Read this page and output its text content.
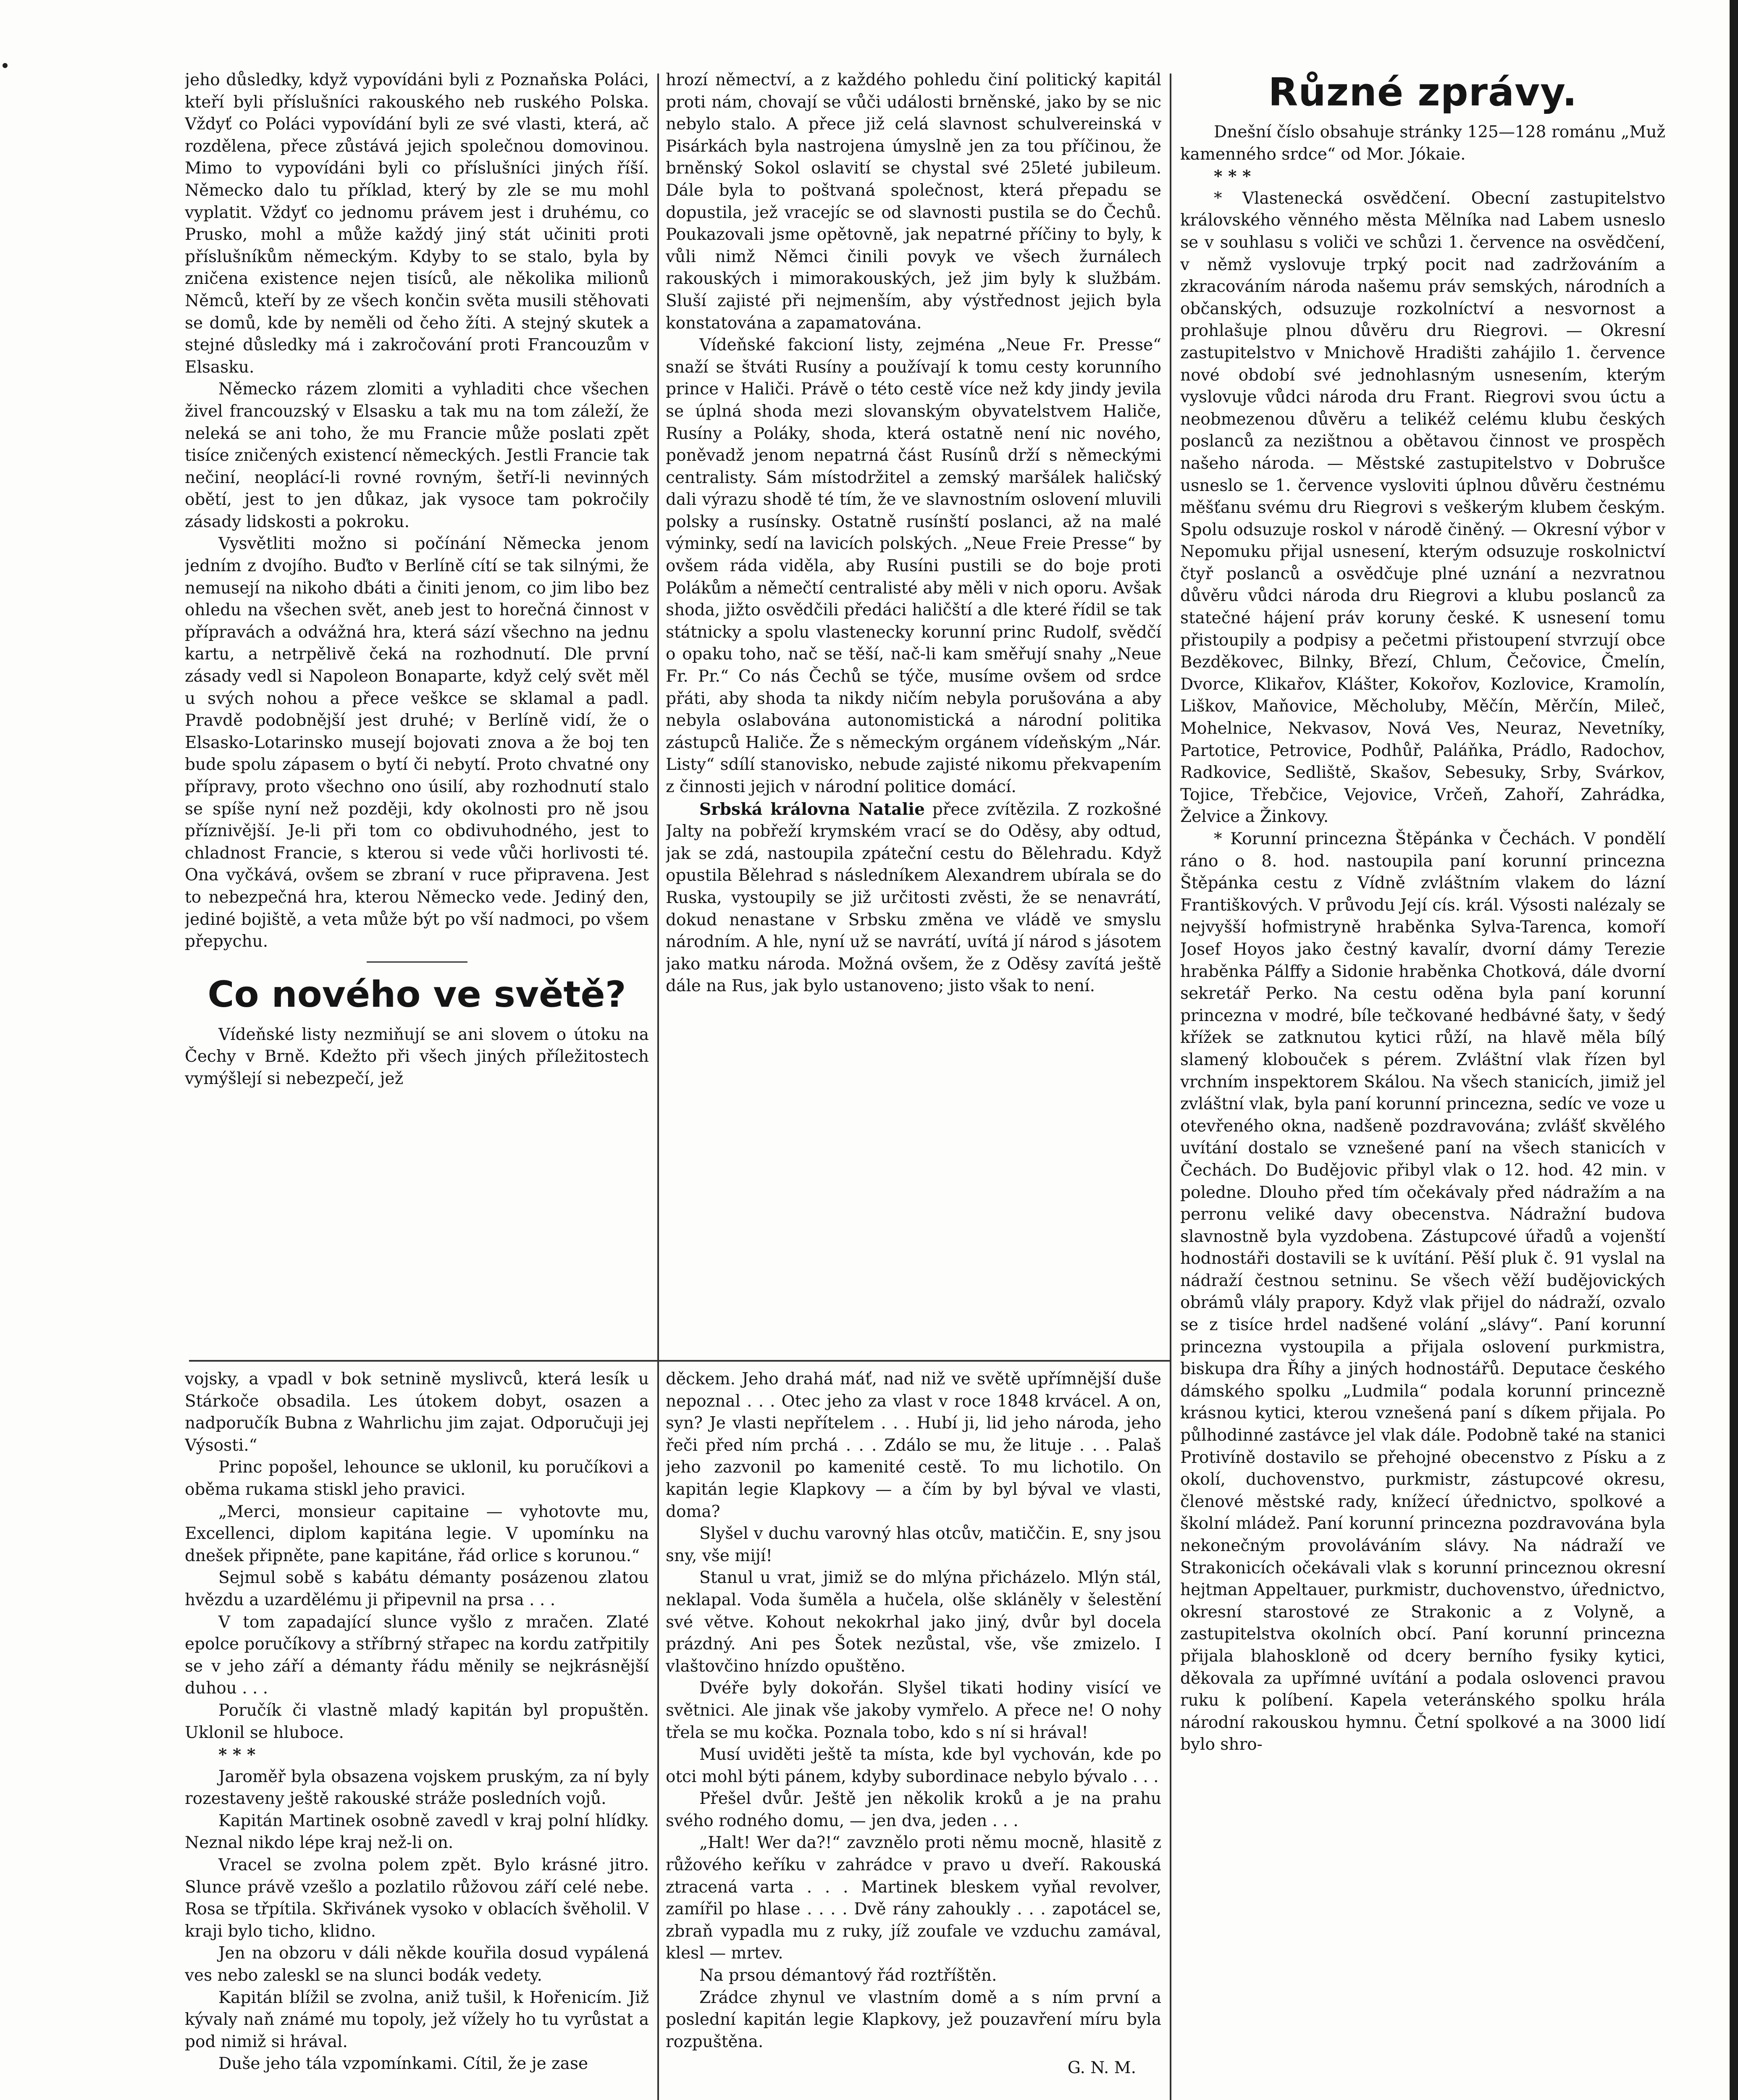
jeho důsledky, když vypovídáni byli z Poznaňska Poláci, kteří byli příslušníci rakouského neb ruského Polska. Vždyť co Poláci vypovídání byli ze své vlasti, která, ač rozdělena, přece zůstává jejich společnou domovinou. Mimo to vypovídáni byli co příslušníci jiných říší. Německo dalo tu příklad, který by zle se mu mohl vyplatit. Vždyť co jednomu právem jest i druhému, co Prusko, mohl a může každý jiný stát učiniti proti příslušníkům německým. Kdyby to se stalo, byla by zničena existence nejen tisíců, ale několika milionů Němců, kteří by ze všech končin světa musili stěhovati se domů, kde by neměli od čeho žíti. A stejný skutek a stejné důsledky má i zakročování proti Francouzům v Elsasku.

Německo rázem zlomiti a vyhladiti chce všechen živel francouzský v Elsasku a tak mu na tom záleží, že neleká se ani toho, že mu Francie může poslati zpět tisíce zničených existencí německých. Jestli Francie tak nečiní, neoplácí-li rovné rovným, šetří-li nevinných obětí, jest to jen důkaz, jak vysoce tam pokročily zásady lidskosti a pokroku.

Vysvětliti možno si počínání Německa jenom jedním z dvojího. Buďto v Berlíně cítí se tak silnými, že nemusejí na nikoho dbáti a činiti jenom, co jim libo bez ohledu na všechen svět, aneb jest to horečná činnost v přípravách a odvážná hra, která sází všechno na jednu kartu, a netrpělivě čeká na rozhodnutí. Dle první zásady vedl si Napoleon Bonaparte, když celý svět měl u svých nohou a přece veškce se sklamal a padl. Pravdě podobnější jest druhé; v Berlíně vidí, že o Elsasko-Lotarinsko musejí bojovati znova a že boj ten bude spolu zápasem o bytí či nebytí. Proto chvatné ony přípravy, proto všechno ono úsilí, aby rozhodnutí stalo se spíše nyní než později, kdy okolnosti pro ně jsou příznivější. Je-li při tom co obdivuhodného, jest to chladnost Francie, s kterou si vede vůči horlivosti té. Ona vyčkává, ovšem se zbraní v ruce připravena. Jest to nebezpečná hra, kterou Německo vede. Jediný den, jediné bojiště, a veta může být po vší nadmoci, po všem přepychu.

Co nového ve světě?

Vídeňské listy nezmiňují se ani slovem o útoku na Čechy v Brně. Kdežto při všech jiných příležitostech vymýšlejí si nebezpečí, jež

hrozí němectví, a z každého pohledu činí politický kapitál proti nám, chovají se vůči události brněnské, jako by se nic nebylo stalo. A přece již celá slavnost schulvereinská v Pisárkách byla nastrojena úmyslně jen za tou příčinou, že brněnský Sokol oslavití se chystal své 25leté jubileum. Dále byla to poštvaná společnost, která přepadu se dopustila, jež vracejíc se od slavnosti pustila se do Čechů. Poukazovali jsme opětovně, jak nepatrné příčiny to byly, k vůli nimž Němci činili povyk ve všech žurnálech rakouských i mimorakouských, jež jim byly k službám. Sluší zajisté při nejmenším, aby výstřednost jejich byla konstatována a zapamatována.

Vídeňské fakcioní listy, zejména „Neue Fr. Presse“ snaží se štváti Rusíny a používají k tomu cesty korunního prince v Haliči. Právě o této cestě více než kdy jindy jevila se úplná shoda mezi slovanským obyvatelstvem Haliče, Rusíny a Poláky, shoda, která ostatně není nic nového, poněvadž jenom nepatrná část Rusínů drží s německými centralisty. Sám místodržitel a zemský maršálek haličský dali výrazu shodě té tím, že ve slavnostním oslovení mluvili polsky a rusínsky. Ostatně rusínští poslanci, až na malé výminky, sedí na lavicích polských. „Neue Freie Presse“ by ovšem ráda viděla, aby Rusíni pustili se do boje proti Polákům a němečtí centralisté aby měli v nich oporu. Avšak shoda, jižto osvědčili předáci haličští a dle které řídil se tak státnicky a spolu vlastenecky korunní princ Rudolf, svědčí o opaku toho, nač se těší, nač-li kam směřují snahy „Neue Fr. Pr.“ Co nás Čechů se týče, musíme ovšem od srdce přáti, aby shoda ta nikdy ničím nebyla porušována a aby nebyla oslabována autonomistická a národní politika zástupců Haliče. Že s německým orgánem vídeňským „Nár. Listy“ sdílí stanovisko, nebude zajisté nikomu překvapením z činnosti jejich v národní politice domácí.

Srbská královna Natalie přece zvítězila. Z rozkošné Jalty na pobřeží krymském vrací se do Oděsy, aby odtud, jak se zdá, nastoupila zpáteční cestu do Bělehradu. Když opustila Bělehrad s následníkem Alexandrem ubírala se do Ruska, vystoupily se již určitosti zvěsti, že se nenavrátí, dokud nenastane v Srbsku změna ve vládě ve smyslu národním. A hle, nyní už se navrátí, uvítá jí národ s jásotem jako matku národa. Možná ovšem, že z Oděsy zavítá ještě dále na Rus, jak bylo ustanoveno; jisto však to není.

Různé zprávy.

Dnešní číslo obsahuje stránky 125—128 románu „Muž kamenného srdce“ od Mor. Jókaie.

* * *

* Vlastenecká osvědčení. Obecní zastupitelstvo královského věnného města Mělníka nad Labem usneslo se v souhlasu s voliči ve schůzi 1. července na osvědčení, v němž vyslovuje trpký pocit nad zadržováním a zkracováním národa našemu práv semských, národních a občanských, odsuzuje rozkolníctví a nesvornost a prohlašuje plnou důvěru dru Riegrovi. — Okresní zastupitelstvo v Mnichově Hradišti zahájilo 1. července nové období své jednohlasným usnesením, kterým vyslovuje vůdci národa dru Frant. Riegrovi svou úctu a neobmezenou důvěru a telikéž celému klubu českých poslanců za nezištnou a obětavou činnost ve prospěch našeho národa. — Městské zastupitelstvo v Dobrušce usneslo se 1. července vysloviti úplnou důvěru čestnému měšťanu svému dru Riegrovi s veškerým klubem českým. Spolu odsuzuje roskol v národě činěný. — Okresní výbor v Nepomuku přijal usnesení, kterým odsuzuje roskolnictví čtyř poslanců a osvědčuje plné uznání a nezvratnou důvěru vůdci národa dru Riegrovi a klubu poslanců za statečné hájení práv koruny české. K usnesení tomu přistoupily a podpisy a pečetmi přistoupení stvrzují obce Bezděkovec, Bilnky, Březí, Chlum, Čečovice, Čmelín, Dvorce, Klikařov, Klášter, Kokořov, Kozlovice, Kramolín, Liškov, Maňovice, Měcholuby, Měčín, Měrčín, Mileč, Mohelnice, Nekvasov, Nová Ves, Neuraz, Nevetníky, Partotice, Petrovice, Podhůř, Paláňka, Prádlo, Radochov, Radkovice, Sedliště, Skašov, Sebesuky, Srby, Svárkov, Tojice, Třebčice, Vejovice, Vrčeň, Zahoří, Zahrádka, Želvice a Žinkovy.

* Korunní princezna Štěpánka v Čechách. V pondělí ráno o 8. hod. nastoupila paní korunní princezna Štěpánka cestu z Vídně zvláštním vlakem do lázní Františkových. V průvodu Její cís. král. Výsosti nalézaly se nejvyšší hofmistryně hraběnka Sylva-Tarenca, komoří Josef Hoyos jako čestný kavalír, dvorní dámy Terezie hraběnka Pálffy a Sidonie hraběnka Chotková, dále dvorní sekretář Perko. Na cestu oděna byla paní korunní princezna v modré, bíle tečkované hedbávné šaty, v šedý křížek se zatknutou kytici růží, na hlavě měla bílý slamený klobouček s pérem. Zvláštní vlak řízen byl vrchním inspektorem Skálou. Na všech stanicích, jimiž jel zvláštní vlak, byla paní korunní princezna, sedíc ve voze u otevřeného okna, nadšeně pozdravována; zvlášť skvělého uvítání dostalo se vznešené paní na všech stanicích v Čechách. Do Budějovic přibyl vlak o 12. hod. 42 min. v poledne. Dlouho před tím očekávaly před nádražím a na perronu veliké davy obecenstva. Nádražní budova slavnostně byla vyzdobena. Zástupcové úřadů a vojenští hodnostáři dostavili se k uvítání. Pěší pluk č. 91 vyslal na nádraží čestnou setninu. Se všech věží budějovických obrámů vlály prapory. Když vlak přijel do nádraží, ozvalo se z tisíce hrdel nadšené volání „slávy“. Paní korunní princezna vystoupila a přijala oslovení purkmistra, biskupa dra Říhy a jiných hodnostářů. Deputace českého dámského spolku „Ludmila“ podala korunní princezně krásnou kytici, kterou vznešená paní s díkem přijala. Po půlhodinné zastávce jel vlak dále. Podobně také na stanici Protivíně dostavilo se přehojné obecenstvo z Písku a z okolí, duchovenstvo, purkmistr, zástupcové okresu, členové městské rady, knížecí úřednictvo, spolkové a školní mládež. Paní korunní princezna pozdravována byla nekonečným provoláváním slávy. Na nádraží ve Strakonicích očekávali vlak s korunní princeznou okresní hejtman Appeltauer, purkmistr, duchovenstvo, úřednictvo, okresní starostové ze Strakonic a z Volyně, a zastupitelstva okolních obcí. Paní korunní princezna přijala blahoskloně od dcery berního fysiky kytici, děkovala za upřímné uvítání a podala oslovenci pravou ruku k políbení. Kapela veteránského spolku hrála národní rakouskou hymnu. Četní spolkové a na 3000 lidí bylo shro-

vojsky, a vpadl v bok setnině myslivců, která lesík u Stárkoče obsadila. Les útokem dobyt, osazen a nadporučík Bubna z Wahrlichu jim zajat. Odporučuji jej Výsosti.“

Princ popošel, lehounce se uklonil, ku poručíkovi a oběma rukama stiskl jeho pravici.

„Merci, monsieur capitaine — vyhotovte mu, Excellenci, diplom kapitána legie. V upomínku na dnešek připněte, pane kapitáne, řád orlice s korunou.“

Sejmul sobě s kabátu démanty posázenou zlatou hvězdu a uzardělému ji připevnil na prsa . . .

V tom zapadající slunce vyšlo z mračen. Zlaté epolce poručíkovy a stříbrný střapec na kordu zatřpitily se v jeho září a démanty řádu měnily se nejkrásnější duhou . . .

Poručík či vlastně mladý kapitán byl propuštěn. Uklonil se hluboce.

* * *

Jaroměř byla obsazena vojskem pruským, za ní byly rozestaveny ještě rakouské stráže posledních vojů.

Kapitán Martinek osobně zavedl v kraj polní hlídky. Neznal nikdo lépe kraj než-li on.

Vracel se zvolna polem zpět. Bylo krásné jitro. Slunce právě vzešlo a pozlatilo růžovou září celé nebe. Rosa se třpítila. Skřivánek vysoko v oblacích švěholil. V kraji bylo ticho, klidno.

Jen na obzoru v dáli někde kouřila dosud vypálená ves nebo zaleskl se na slunci bodák vedety.

Kapitán blížil se zvolna, aniž tušil, k Hořenicím. Již kývaly naň známé mu topoly, jež vížely ho tu vyrůstat a pod nimiž si hrával.

Duše jeho tála vzpomínkami. Cítil, že je zase

děckem. Jeho drahá máť, nad niž ve světě upřímnější duše nepoznal . . . Otec jeho za vlast v roce 1848 krvácel. A on, syn? Je vlasti nepřítelem . . . Hubí ji, lid jeho národa, jeho řeči před ním prchá . . . Zdálo se mu, že lituje . . . Palaš jeho zazvonil po kamenité cestě. To mu lichotilo. On kapitán legie Klapkovy — a čím by byl býval ve vlasti, doma?

Slyšel v duchu varovný hlas otcův, matiččin. E, sny jsou sny, vše mijí!

Stanul u vrat, jimiž se do mlýna přicházelo. Mlýn stál, neklapal. Voda šuměla a hučela, olše skláněly v šelestění své větve. Kohout nekokrhal jako jiný, dvůr byl docela prázdný. Ani pes Šotek nezůstal, vše, vše zmizelo. I vlaštovčino hnízdo opuštěno.

Dvéře byly dokořán. Slyšel tikati hodiny visící ve světnici. Ale jinak vše jakoby vymřelo. A přece ne! O nohy třela se mu kočka. Poznala tobo, kdo s ní si hrával!

Musí uviděti ještě ta místa, kde byl vychován, kde po otci mohl býti pánem, kdyby subordinace nebylo bývalo . . .

Přešel dvůr. Ještě jen několik kroků a je na prahu svého rodného domu, — jen dva, jeden . . .

„Halt! Wer da?!“ zavznělo proti němu mocně, hlasitě z růžového keříku v zahrádce v pravo u dveří. Rakouská ztracená varta . . . Martinek bleskem vyňal revolver, zamířil po hlase . . . . Dvě rány zahoukly . . . zapotácel se, zbraň vypadla mu z ruky, jíž zoufale ve vzduchu zamával, klesl — mrtev.

Na prsou démantový řád roztříštěn.

Zrádce zhynul ve vlastním domě a s ním první a poslední kapitán legie Klapkovy, jež pouzavření míru byla rozpuštěna.

G. N. M.
